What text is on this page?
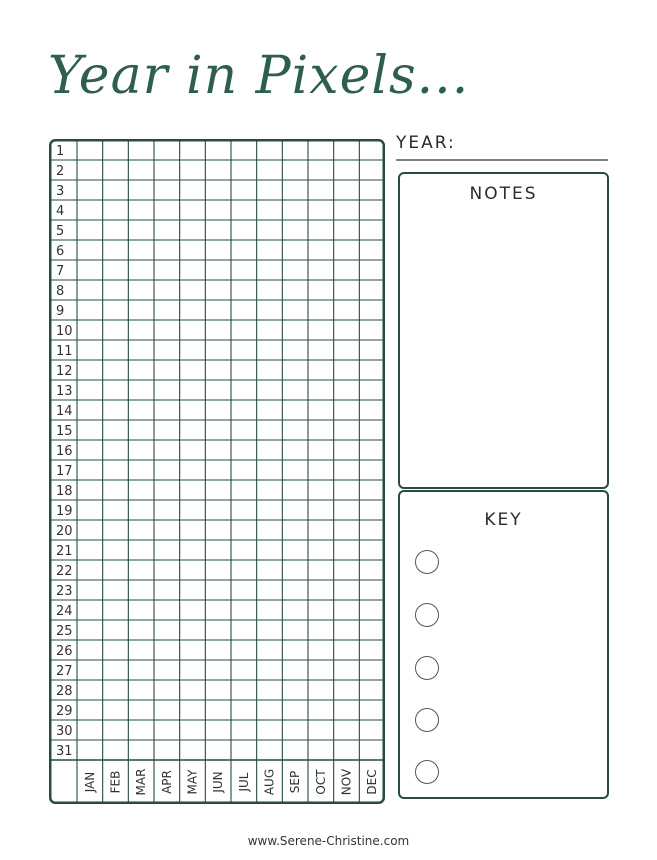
Year in Pixels...
1
2
3
4
5
6
7
8
9
10
11
12
13
14
15
16
17
18
19
20
21
22
23
24
25
26
27
28
29
30
31
JAN FEB MAR APR MAY JUN JUL AUG SEP OCT NOV DEC
YEAR:
NOTES
KEY
www.Serene-Christine.com
